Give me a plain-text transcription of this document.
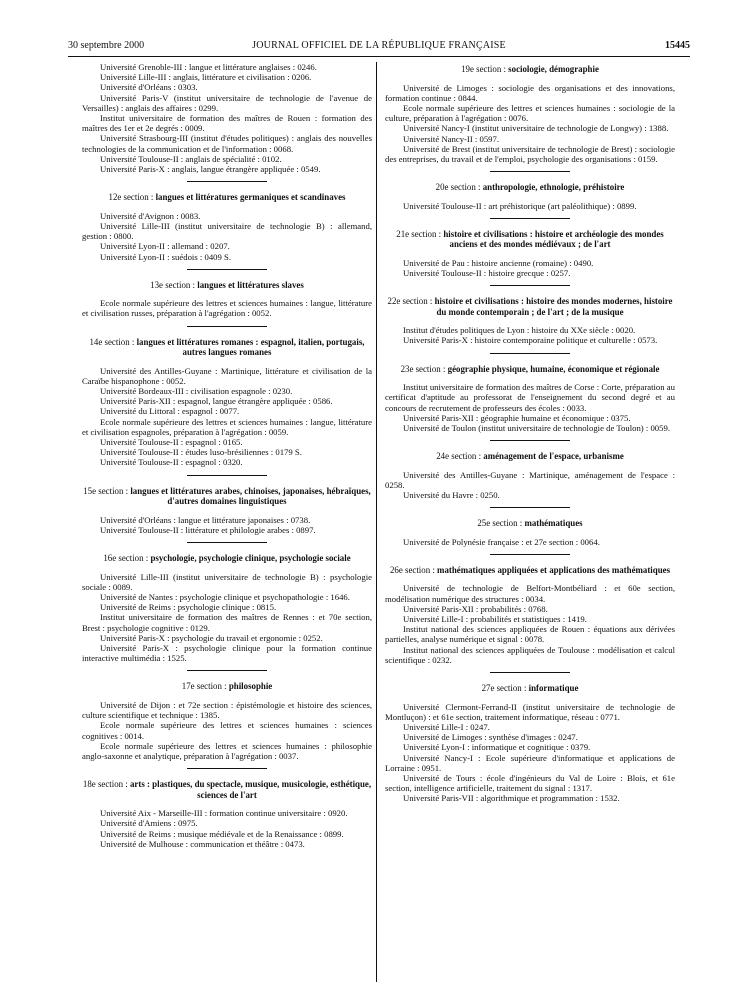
30 septembre 2000	JOURNAL OFFICIEL DE LA RÉPUBLIQUE FRANÇAISE	15445

Université Grenoble-III : langue et littérature anglaises : 0246.

Université Lille-III : anglais, littérature et civilisation : 0206.

Université d'Orléans : 0303.

Université Paris-V (institut universitaire de technologie de l'avenue de Versailles) : anglais des affaires : 0299.

Institut universitaire de formation des maîtres de Rouen : formation des maîtres des 1er et 2e degrés : 0009.

Université Strasbourg-III (institut d'études politiques) : anglais des nouvelles technologies de la communication et de l'information : 0068.

Université Toulouse-II : anglais de spécialité : 0102.

Université Paris-X : anglais, langue étrangère appliquée : 0549.

12e section : langues et littératures germaniques et scandinaves

Université d'Avignon : 0083.

Université Lille-III (institut universitaire de technologie B) : allemand, gestion : 0800.

Université Lyon-II : allemand : 0207.

Université Lyon-II : suédois : 0409 S.

13e section : langues et littératures slaves

Ecole normale supérieure des lettres et sciences humaines : langue, littérature et civilisation russes, préparation à l'agrégation : 0052.

14e section : langues et littératures romanes : espagnol, italien, portugais, autres langues romanes

Université des Antilles-Guyane : Martinique, littérature et civilisation de la Caraïbe hispanophone : 0052.

Université Bordeaux-III : civilisation espagnole : 0230.

Université Paris-XII : espagnol, langue étrangère appliquée : 0586.

Université du Littoral : espagnol : 0077.

Ecole normale supérieure des lettres et sciences humaines : langue, littérature et civilisation espagnoles, préparation à l'agrégation : 0059.

Université Toulouse-II : espagnol : 0165.

Université Toulouse-II : études luso-brésiliennes : 0179 S.

Université Toulouse-II : espagnol : 0320.

15e section : langues et littératures arabes, chinoises, japonaises, hébraïques, d'autres domaines linguistiques

Université d'Orléans : langue et littérature japonaises : 0738.

Université Toulouse-II : littérature et philologie arabes : 0897.

16e section : psychologie, psychologie clinique, psychologie sociale

Université Lille-III (institut universitaire de technologie B) : psychologie sociale : 0089.

Université de Nantes : psychologie clinique et psychopathologie : 1646.

Université de Reims : psychologie clinique : 0815.

Institut universitaire de formation des maîtres de Rennes : et 70e section, Brest : psychologie cognitive : 0129.

Université Paris-X : psychologie du travail et ergonomie : 0252.

Université Paris-X : psychologie clinique pour la formation continue interactive multimédia : 1525.

17e section : philosophie

Université de Dijon : et 72e section : épistémologie et histoire des sciences, culture scientifique et technique : 1385.

Ecole normale supérieure des lettres et sciences humaines : sciences cognitives : 0014.

Ecole normale supérieure des lettres et sciences humaines : philosophie anglo-saxonne et analytique, préparation à l'agrégation : 0037.

18e section : arts : plastiques, du spectacle, musique, musicologie, esthétique, sciences de l'art

Université Aix - Marseille-III : formation continue universitaire : 0920.

Université d'Amiens : 0975.

Université de Reims : musique médiévale et de la Renaissance : 0899.

Université de Mulhouse : communication et théâtre : 0473.

19e section : sociologie, démographie

Université de Limoges : sociologie des organisations et des innovations, formation continue : 0844.

Ecole normale supérieure des lettres et sciences humaines : sociologie de la culture, préparation à l'agrégation : 0076.

Université Nancy-I (institut universitaire de technologie de Longwy) : 1388.

Université Nancy-II : 0597.

Université de Brest (institut universitaire de technologie de Brest) : sociologie des entreprises, du travail et de l'emploi, psychologie des organisations : 0159.

20e section : anthropologie, ethnologie, préhistoire

Université Toulouse-II : art préhistorique (art paléolithique) : 0899.

21e section : histoire et civilisations : histoire et archéologie des mondes anciens et des mondes médiévaux ; de l'art

Université de Pau : histoire ancienne (romaine) : 0490.

Université Toulouse-II : histoire grecque : 0257.

22e section : histoire et civilisations : histoire des mondes modernes, histoire du monde contemporain ; de l'art ; de la musique

Institut d'études politiques de Lyon : histoire du XXe siècle : 0020.

Université Paris-X : histoire contemporaine politique et culturelle : 0573.

23e section : géographie physique, humaine, économique et régionale

Institut universitaire de formation des maîtres de Corse : Corte, préparation au certificat d'aptitude au professorat de l'enseignement du second degré et au concours de recrutement de professeurs des écoles : 0033.

Université Paris-XII : géographie humaine et économique : 0375.

Université de Toulon (institut universitaire de technologie de Toulon) : 0059.

24e section : aménagement de l'espace, urbanisme

Université des Antilles-Guyane : Martinique, aménagement de l'espace : 0258.

Université du Havre : 0250.

25e section : mathématiques

Université de Polynésie française : et 27e section : 0064.

26e section : mathématiques appliquées et applications des mathématiques

Université de technologie de Belfort-Montbéliard : et 60e section, modélisation numérique des structures : 0034.

Université Paris-XII : probabilités : 0768.

Université Lille-I : probabilités et statistiques : 1419.

Institut national des sciences appliquées de Rouen : équations aux dérivées partielles, analyse numérique et signal : 0078.

Institut national des sciences appliquées de Toulouse : modélisation et calcul scientifique : 0232.

27e section : informatique

Université Clermont-Ferrand-II (institut universitaire de technologie de Montluçon) : et 61e section, traitement informatique, réseau : 0771.

Université Lille-I : 0247.

Université de Limoges : synthèse d'images : 0247.

Université Lyon-I : informatique et cognitique : 0379.

Université Nancy-I : Ecole supérieure d'informatique et applications de Lorraine : 0951.

Université de Tours : école d'ingénieurs du Val de Loire : Blois, et 61e section, intelligence artificielle, traitement du signal : 1317.

Université Paris-VII : algorithmique et programmation : 1532.
